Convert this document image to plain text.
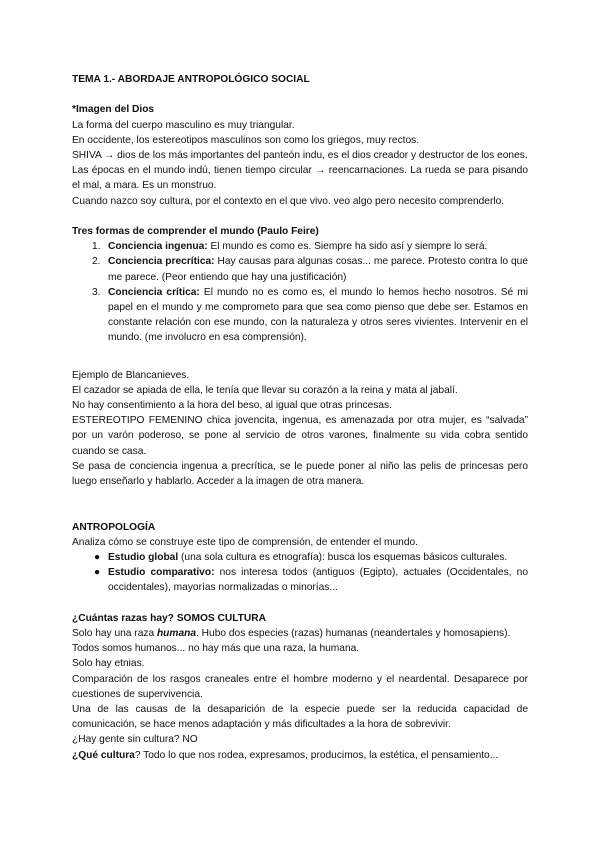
TEMA 1.- ABORDAJE ANTROPOLÓGICO SOCIAL
*Imagen del Dios
La forma del cuerpo masculino es muy triangular.
En occidente, los estereotipos masculinos son como los griegos, muy rectos.
SHIVA → dios de los más importantes del panteón indu, es el dios creador y destructor de los eones.
Las épocas en el mundo indú, tienen tiempo circular → reencarnaciones. La rueda se para pisando el mal, a mara. Es un monstruo.
Cuando nazco soy cultura, por el contexto en el que vivo. veo algo pero necesito comprenderlo.
Tres formas de comprender el mundo (Paulo Feire)
1. Conciencia ingenua: El mundo es como es. Siempre ha sido así y siempre lo será.
2. Conciencia precrítica: Hay causas para algunas cosas... me parece. Protesto contra lo que me parece. (Peor entiendo que hay una justificación)
3. Conciencia crítica: El mundo no es como es, el mundo lo hemos hecho nosotros. Sé mi papel en el mundo y me comprometo para que sea como pienso que debe ser. Estamos en constante relación con ese mundo, con la naturaleza y otros seres vivientes. Intervenir en el mundo. (me involucro en esa comprensión).
Ejemplo de Blancanieves.
El cazador se apiada de ella, le tenía que llevar su corazón a la reina y mata al jabalí.
No hay consentimiento a la hora del beso, al igual que otras princesas.
ESTEREOTIPO FEMENINO chica jovencita, ingenua, es amenazada por otra mujer, es “salvada” por un varón poderoso, se pone al servicio de otros varones, finalmente su vida cobra sentido cuando se casa.
Se pasa de conciencia ingenua a precrítica, se le puede poner al niño las pelis de princesas pero luego enseñarlo y hablarlo. Acceder a la imagen de otra manera.
ANTROPOLOGÍA
Analiza cómo se construye este tipo de comprensión, de entender el mundo.
● Estudio global (una sola cultura es etnografía): busca los esquemas básicos culturales.
● Estudio comparativo: nos interesa todos (antiguos (Egipto), actuales (Occidentales, no occidentales), mayorías normalizadas o minorías...
¿Cuántas razas hay? SOMOS CULTURA
Solo hay una raza humana. Hubo dos especies (razas) humanas (neandertales y homosapiens).
Todos somos humanos... no hay más que una raza, la humana.
Solo hay etnias.
Comparación de los rasgos craneales entre el hombre moderno y el neardental. Desaparece por cuestiones de supervivencia.
Una de las causas de la desaparición de la especie puede ser la reducida capacidad de comunicación, se hace menos adaptación y más dificultades a la hora de sobrevivir.
¿Hay gente sin cultura? NO
¿Qué cultura? Todo lo que nos rodea, expresamos, producimos, la estética, el pensamiento...
